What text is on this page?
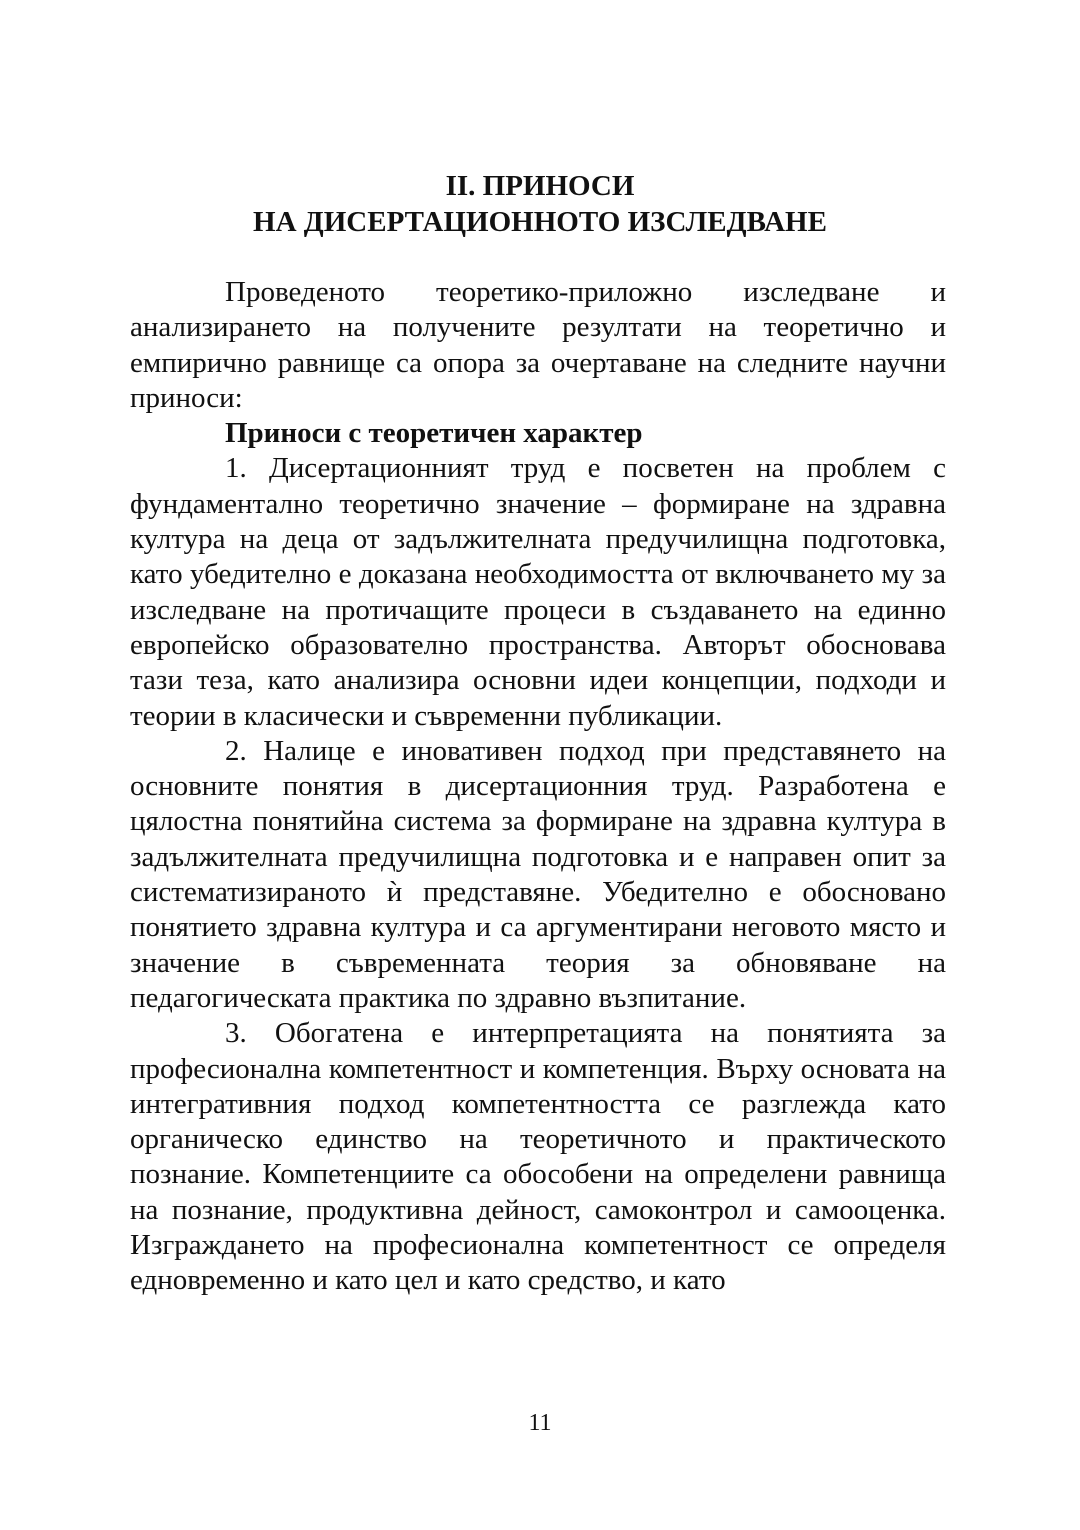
II. ПРИНОСИ
НА ДИСЕРТАЦИОННОТО ИЗСЛЕДВАНЕ

Проведеното теоретико-приложно изследване и анализирането на получените резултати на теоретично и емпирично равнище са опора за очертаване на следните научни приноси:

Приноси с теоретичен характер

1. Дисертационният труд е посветен на проблем с фундаментално теоретично значение – формиране на здравна култура на деца от задължителната предучилищна подготовка, като убедително е доказана необходимостта от включването му за изследване на протичащите процеси в създаването на единно европейско образователно пространства. Авторът обосновава тази теза, като анализира основни идеи концепции, подходи и теории в класически и съвременни публикации.

2. Налице е иновативен подход при представянето на основните понятия в дисертационния труд. Разработена е цялостна понятийна система за формиране на здравна култура в задължителната предучилищна подготовка и е направен опит за систематизираното ѝ представяне. Убедително е обосновано понятието здравна култура и са аргументирани неговото място и значение в съвременната теория за обновяване на педагогическата практика по здравно възпитание.

3. Обогатена е интерпретацията на понятията за професионална компетентност и компетенция. Върху основата на интегративния подход компетентността се разглежда като органическо единство на теоретичното и практическото познание. Компетенциите са обособени на определени равнища на познание, продуктивна дейност, самоконтрол и самооценка. Изграждането на професионална компетентност се определя едновременно и като цел и като средство, и като

11
